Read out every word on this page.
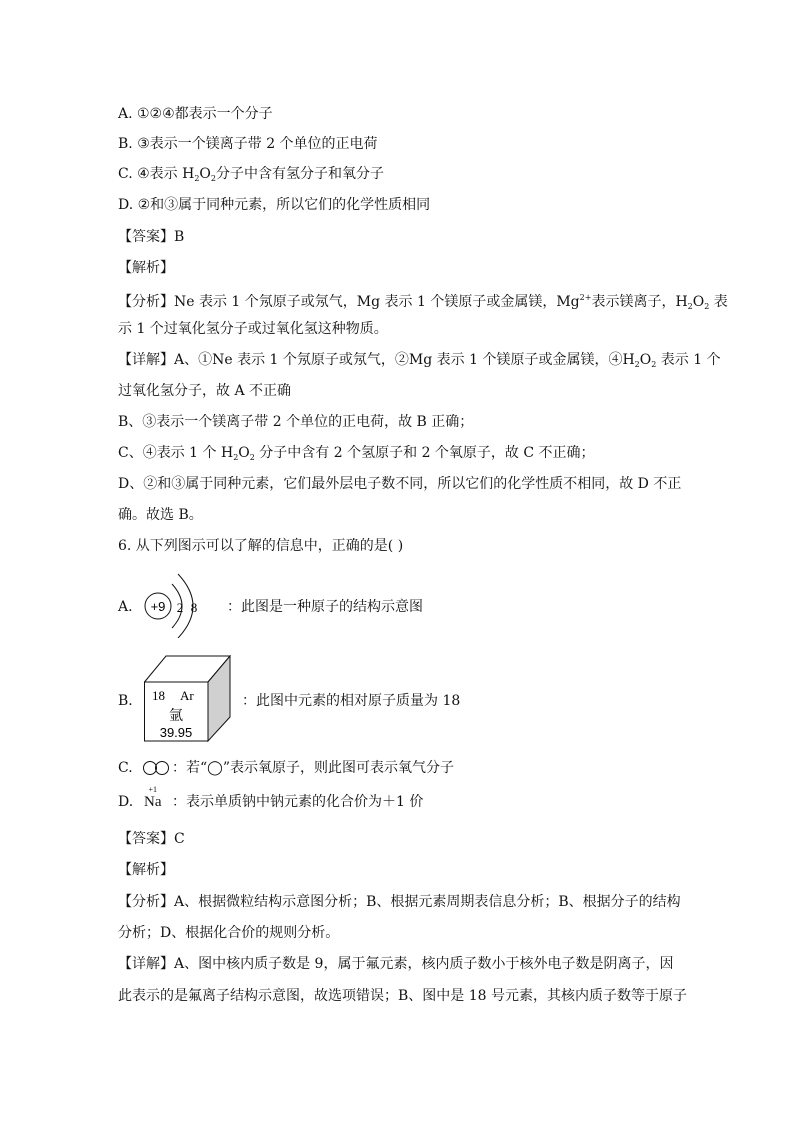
A. ①②④都表示一个分子
B. ③表示一个镁离子带 2 个单位的正电荷
C. ④表示 $H_2O_2$分子中含有氢分子和氧分子
D. ②和③属于同种元素，所以它们的化学性质相同
【答案】B
【解析】
【分析】Ne 表示 1 个氖原子或氖气，Mg 表示 1 个镁原子或金属镁，$Mg^{2+}$表示镁离子，$H_2O_2$ 表
示 1 个过氧化氢分子或过氧化氢这种物质。
【详解】A、①Ne 表示 1 个氖原子或氖气，②Mg 表示 1 个镁原子或金属镁，$④H_2O_2$ 表示 1 个
过氧化氢分子，故 A 不正确
B、③表示一个镁离子带 2 个单位的正电荷，故 B 正确；
C、④表示 1 个 $H_2O_2$ 分子中含有 2 个氢原子和 2 个氧原子，故 C 不正确；
D、②和③属于同种元素，它们最外层电子数不同，所以它们的化学性质不相同，故 D 不正
确。故选 B。
6. 从下列图示可以了解的信息中，正确的是( )
【答案】C
【解析】
【分析】A、根据微粒结构示意图分析；B、根据元素周期表信息分析；B、根据分子的结构
分析；D、根据化合价的规则分析。
【详解】A、图中核内质子数是 9，属于氟元素，核内质子数小于核外电子数是阴离子，因
此表示的是氟离子结构示意图，故选项错误；B、图中是 18 号元素，其核内质子数等于原子
A. +9 2 8 ：此图是一种原子的结构示意图
B. 18 Ar
氩
39.95
：此图中元素的相对原子质量为 18
C.	：若“◯”表示氧原子，则此图可表示氧气分子
D.
+1
Na ：表示单质钠中钠元素的化合价为＋1 价
